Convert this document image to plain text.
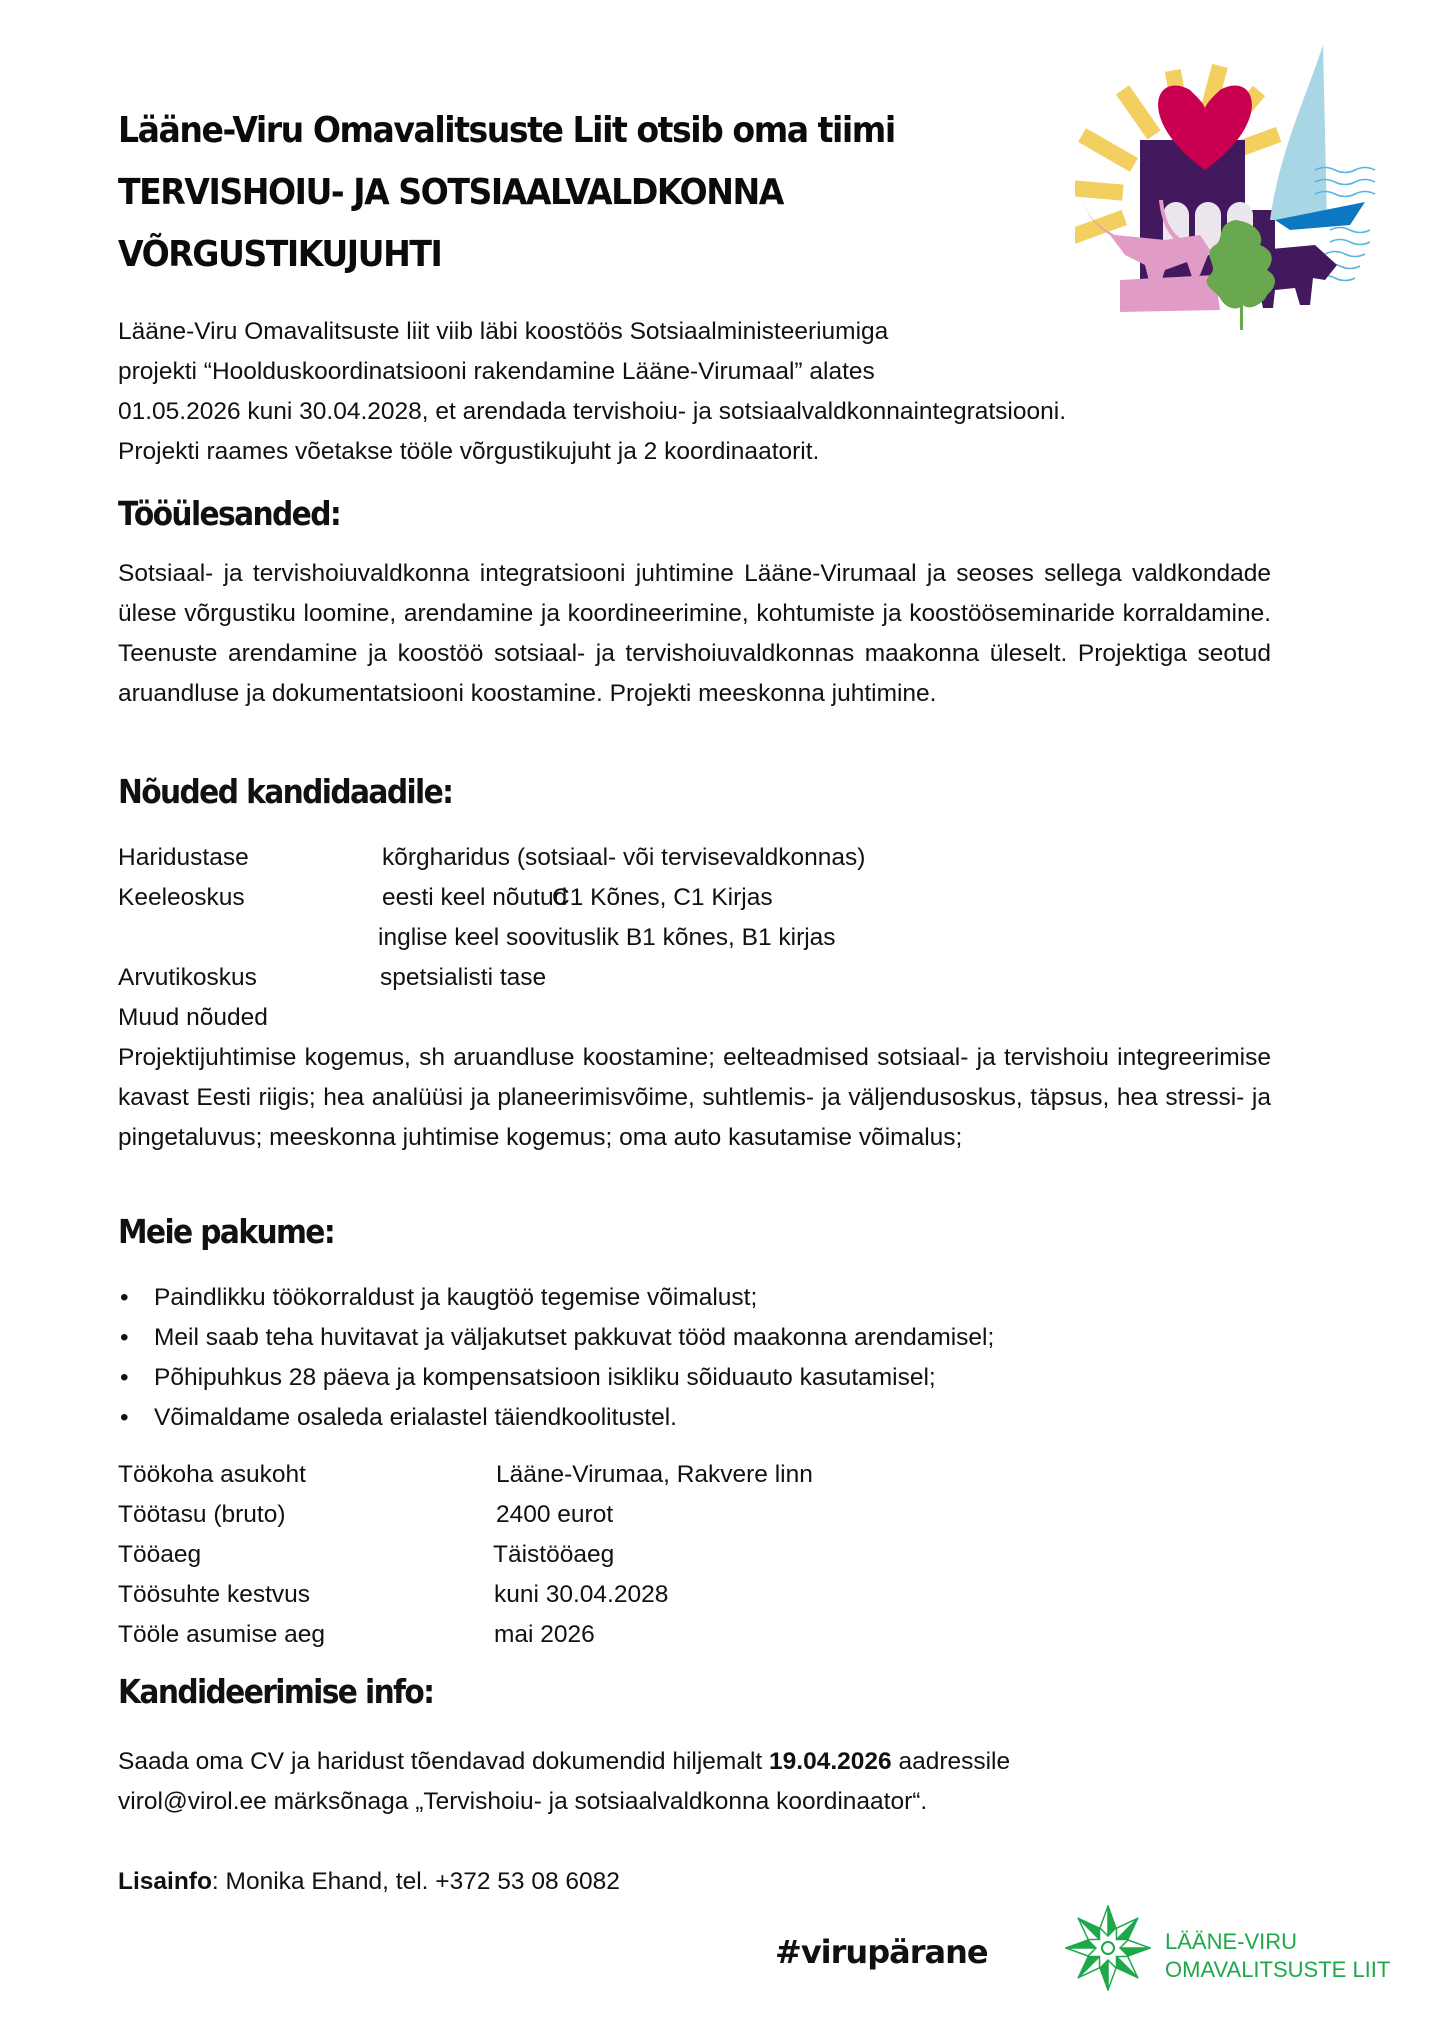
Lääne-Viru Omavalitsuste Liit otsib oma tiimi
TERVISHOIU- JA SOTSIAALVALDKONNA
VÕRGUSTIKUJUHTI
Lääne-Viru Omavalitsuste liit viib läbi koostöös Sotsiaalministeeriumiga
projekti “Hoolduskoordinatsiooni rakendamine Lääne-Virumaal” alates
01.05.2026 kuni 30.04.2028, et arendada tervishoiu- ja sotsiaalvaldkonnaintegratsiooni.
Projekti raames võetakse tööle võrgustikujuht ja 2 koordinaatorit.
Tööülesanded:
Sotsiaal- ja tervishoiuvaldkonna integratsiooni juhtimine Lääne-Virumaal ja seoses sellega valdkondade ülese võrgustiku loomine, arendamine ja koordineerimine, kohtumiste ja koostööseminaride korraldamine. Teenuste arendamine ja koostöö sotsiaal- ja tervishoiuvaldkonnas maakonna üleselt. Projektiga seotud aruandluse ja dokumentatsiooni koostamine. Projekti meeskonna juhtimine.
Nõuded kandidaadile:
Haridustase	kõrgharidus (sotsiaal- või tervisevaldkonnas)
Keeleoskus	eesti keel nõutud
C1 Kõnes, C1 Kirjas
inglise keel soovituslik B1 kõnes, B1 kirjas
Arvutikoskus	spetsialisti tase
Muud nõuded
Projektijuhtimise kogemus, sh aruandluse koostamine; eelteadmised sotsiaal- ja tervishoiu integreerimise kavast Eesti riigis; hea analüüsi ja planeerimisvõime, suhtlemis- ja väljendusoskus, täpsus, hea stressi- ja pingetaluvus; meeskonna juhtimise kogemus; oma auto kasutamise võimalus;
Meie pakume:
• Paindlikku töökorraldust ja kaugtöö tegemise võimalust;
• Meil saab teha huvitavat ja väljakutset pakkuvat tööd maakonna arendamisel;
• Põhipuhkus 28 päeva ja kompensatsioon isikliku sõiduauto kasutamisel;
• Võimaldame osaleda erialastel täiendkoolitustel.
Töökoha asukoht	Lääne-Virumaa, Rakvere linn
Töötasu (bruto)	2400 eurot
Tööaeg	Täistööaeg
Töösuhte kestvus	kuni 30.04.2028
Tööle asumise aeg	mai 2026
Kandideerimise info:
Saada oma CV ja haridust tõendavad dokumendid hiljemalt 19.04.2026 aadressile
virol@virol.ee märksõnaga „Tervishoiu- ja sotsiaalvaldkonna koordinaator“.
Lisainfo: Monika Ehand, tel. +372 53 08 6082
#virupärane	LÄÄNE-VIRU
OMAVALITSUSTE LIIT
